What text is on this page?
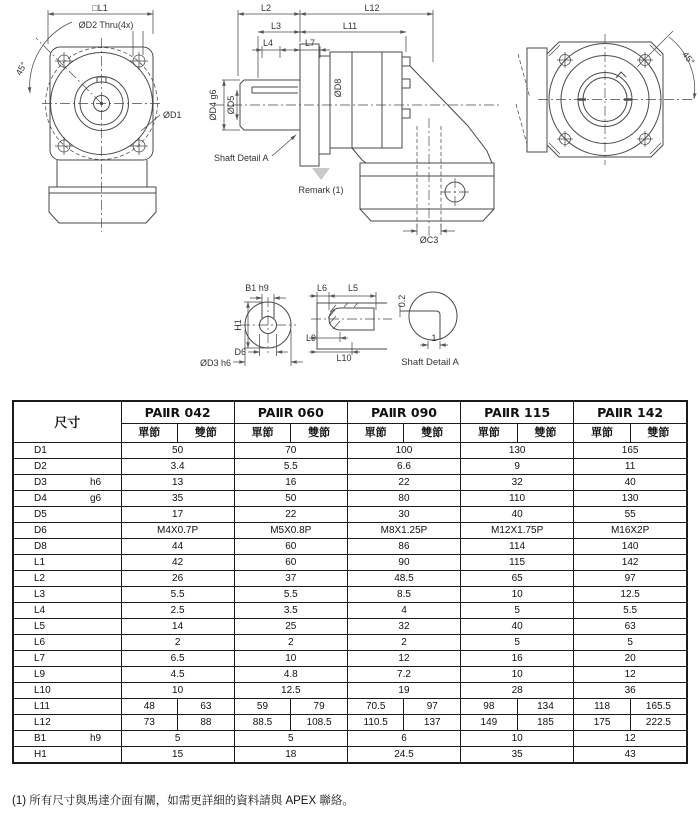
□L1
ØD2 Thru(4x)
45°
ØD1
L2	L12
L3	L11
L4	L7
ØD4 g6 ØD5
ØD8
ØC3
Shaft Detail A
Remark (1)
45°
B1 h9
H1
D6
ØD3 h6
L6 L5
L9
L10
0.2
1
Shaft Detail A
尺寸	PAⅡR 042		PAⅡR 060		PAⅡR 090		PAⅡR 115		PAⅡR 142	
	單節	雙節	單節	雙節	單節	雙節	單節	雙節	單節	雙節
D1	50		70		100		130		165	
D2	3.4		5.5		6.6		9		11	
D3 h6	13		16		22		32		40	
D4 g6	35		50		80		110		130	
D5	17		22		30		40		55	
D6	M4X0.7P		M5X0.8P		M8X1.25P		M12X1.75P		M16X2P	
D8	44		60		86		114		140	
L1	42		60		90		115		142	
L2	26		37		48.5		65		97	
L3	5.5		5.5		8.5		10		12.5	
L4	2.5		3.5		4		5		5.5	
L5	14		25		32		40		63	
L6	2		2		2		5		5	
L7	6.5		10		12		16		20	
L9	4.5		4.8		7.2		10		12	
L10	10		12.5		19		28		36	
L11	48	63	59	79	70.5	97	98	134	118	165.5
L12	73	88	88.5	108.5	110.5	137	149	185	175	222.5
B1 h9	5		5		6		10		12	
H1	15		18		24.5		35		43	
(1) 所有尺寸與馬達介面有關，如需更詳細的資料請與 APEX 聯絡。
